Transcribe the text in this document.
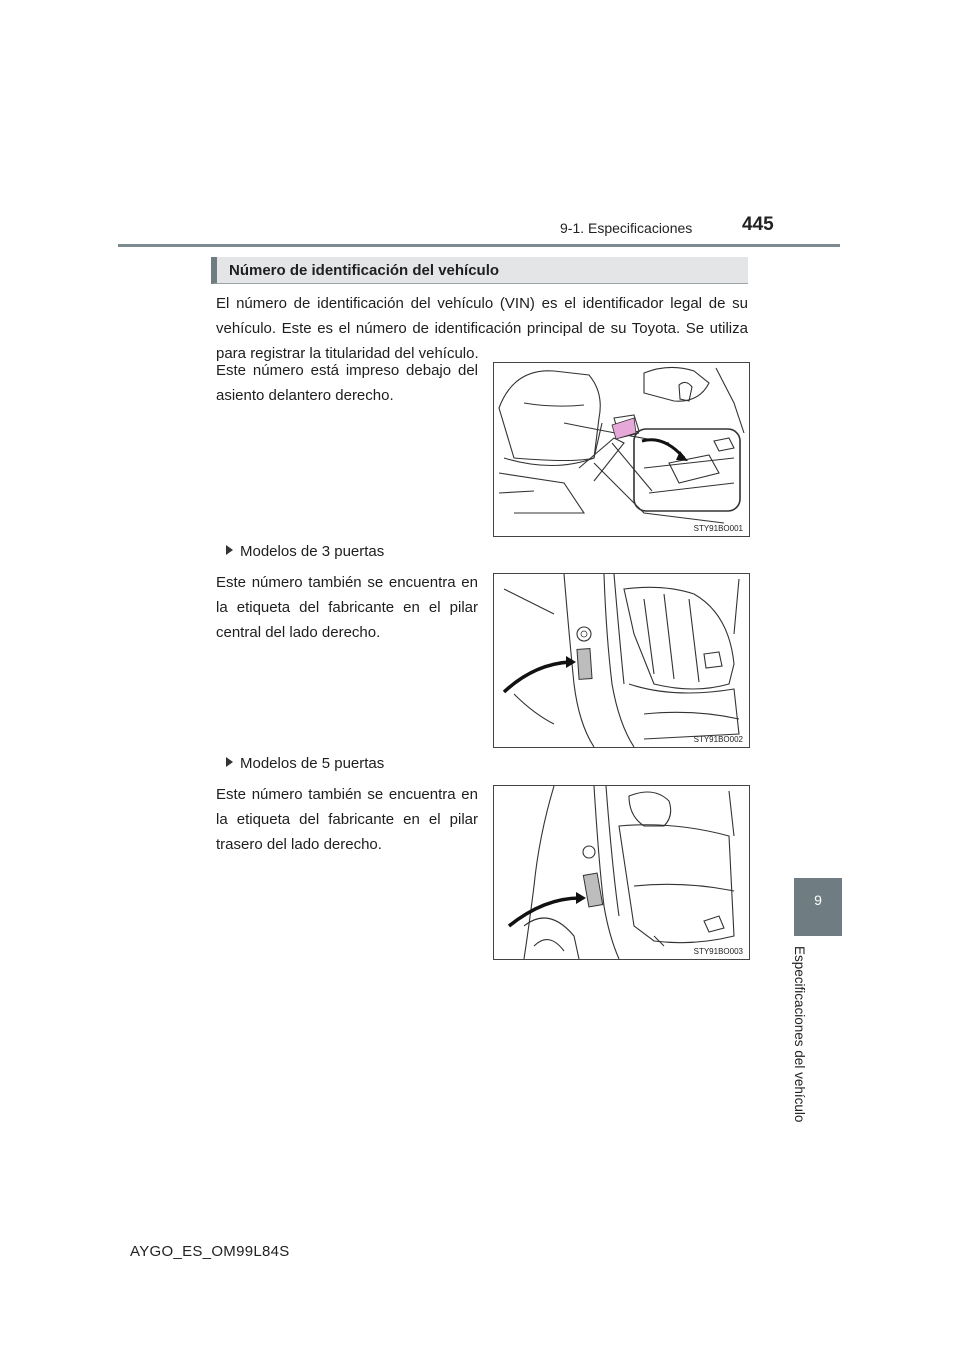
9-1. Especificaciones	445
9
Especificaciones del vehículo
Número de identificación del vehículo
El número de identificación del vehículo (VIN) es el identificador legal de su vehículo. Este es el número de identificación principal de su Toyota. Se utiliza para registrar la titularidad del vehículo.
Este número está impreso debajo del asiento delantero derecho.
STY91BO001
Modelos de 3 puertas
Este número también se encuentra en la etiqueta del fabricante en el pilar central del lado derecho.
STY91BO002
Modelos de 5 puertas
Este número también se encuentra en la etiqueta del fabricante en el pilar trasero del lado derecho.
STY91BO003
AYGO_ES_OM99L84S
